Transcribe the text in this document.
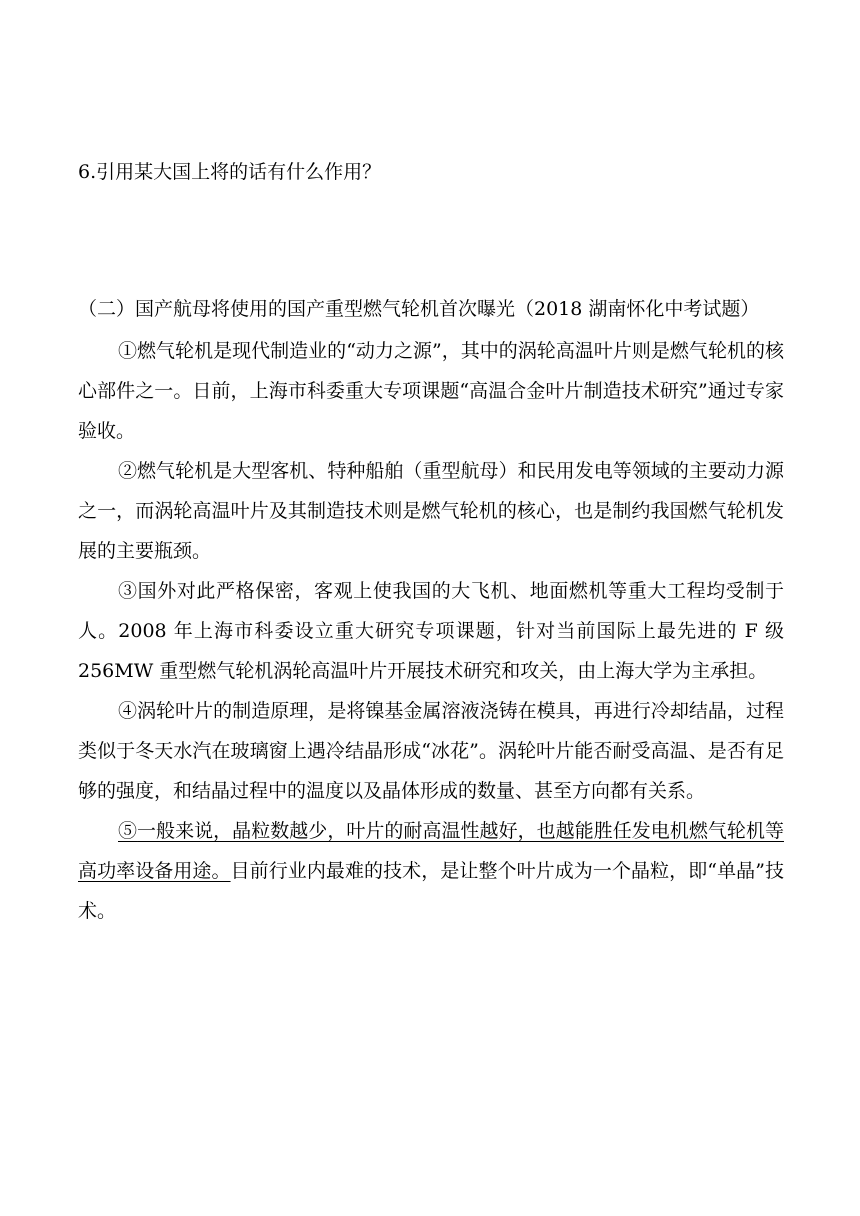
6.引用某大国上将的话有什么作用？
（二）国产航母将使用的国产重型燃气轮机首次曝光（2018 湖南怀化中考试题）

①燃气轮机是现代制造业的“动力之源”，其中的涡轮高温叶片则是燃气轮机的核心部件之一。日前，上海市科委重大专项课题“高温合金叶片制造技术研究”通过专家验收。

②燃气轮机是大型客机、特种船舶（重型航母）和民用发电等领域的主要动力源之一，而涡轮高温叶片及其制造技术则是燃气轮机的核心，也是制约我国燃气轮机发展的主要瓶颈。

③国外对此严格保密，客观上使我国的大飞机、地面燃机等重大工程均受制于人。2008 年上海市科委设立重大研究专项课题，针对当前国际上最先进的 F 级 256MW 重型燃气轮机涡轮高温叶片开展技术研究和攻关，由上海大学为主承担。

④涡轮叶片的制造原理，是将镍基金属溶液浇铸在模具，再进行冷却结晶，过程类似于冬天水汽在玻璃窗上遇冷结晶形成“冰花”。涡轮叶片能否耐受高温、是否有足够的强度，和结晶过程中的温度以及晶体形成的数量、甚至方向都有关系。

⑤一般来说，晶粒数越少，叶片的耐高温性越好，也越能胜任发电机燃气轮机等高功率设备用途。目前行业内最难的技术，是让整个叶片成为一个晶粒，即“单晶”技术。
